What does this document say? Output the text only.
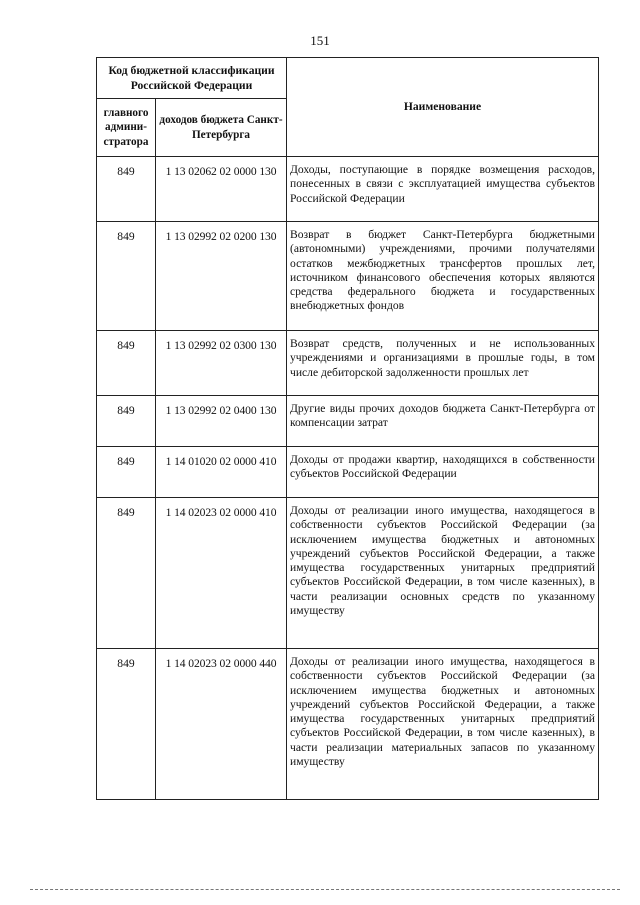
151
Код бюджетной классификации Российской Федерации		Наименование
главного админи-стратора	доходов бюджета Санкт-Петербурга	
849	1 13 02062 02 0000 130	Доходы, поступающие в порядке возмещения расходов, понесенных в связи с эксплуатацией имущества субъектов Российской Федерации
849	1 13 02992 02 0200 130	Возврат в бюджет Санкт-Петербурга бюджетными (автономными) учреждениями, прочими получателями остатков межбюджетных трансфертов прошлых лет, источником финансового обеспечения которых являются средства федерального бюджета и государственных внебюджетных фондов
849	1 13 02992 02 0300 130	Возврат средств, полученных и не использованных учреждениями и организациями в прошлые годы, в том числе дебиторской задолженности прошлых лет
849	1 13 02992 02 0400 130	Другие виды прочих доходов бюджета Санкт-Петербурга от компенсации затрат
849	1 14 01020 02 0000 410	Доходы от продажи квартир, находящихся в собственности субъектов Российской Федерации
849	1 14 02023 02 0000 410	Доходы от реализации иного имущества, находящегося в собственности субъектов Российской Федерации (за исключением имущества бюджетных и автономных учреждений субъектов Российской Федерации, а также имущества государственных унитарных предприятий субъектов Российской Федерации, в том числе казенных), в части реализации основных средств по указанному имуществу
849	1 14 02023 02 0000 440	Доходы от реализации иного имущества, находящегося в собственности субъектов Российской Федерации (за исключением имущества бюджетных и автономных учреждений субъектов Российской Федерации, а также имущества государственных унитарных предприятий субъектов Российской Федерации, в том числе казенных), в части реализации материальных запасов по указанному имуществу
